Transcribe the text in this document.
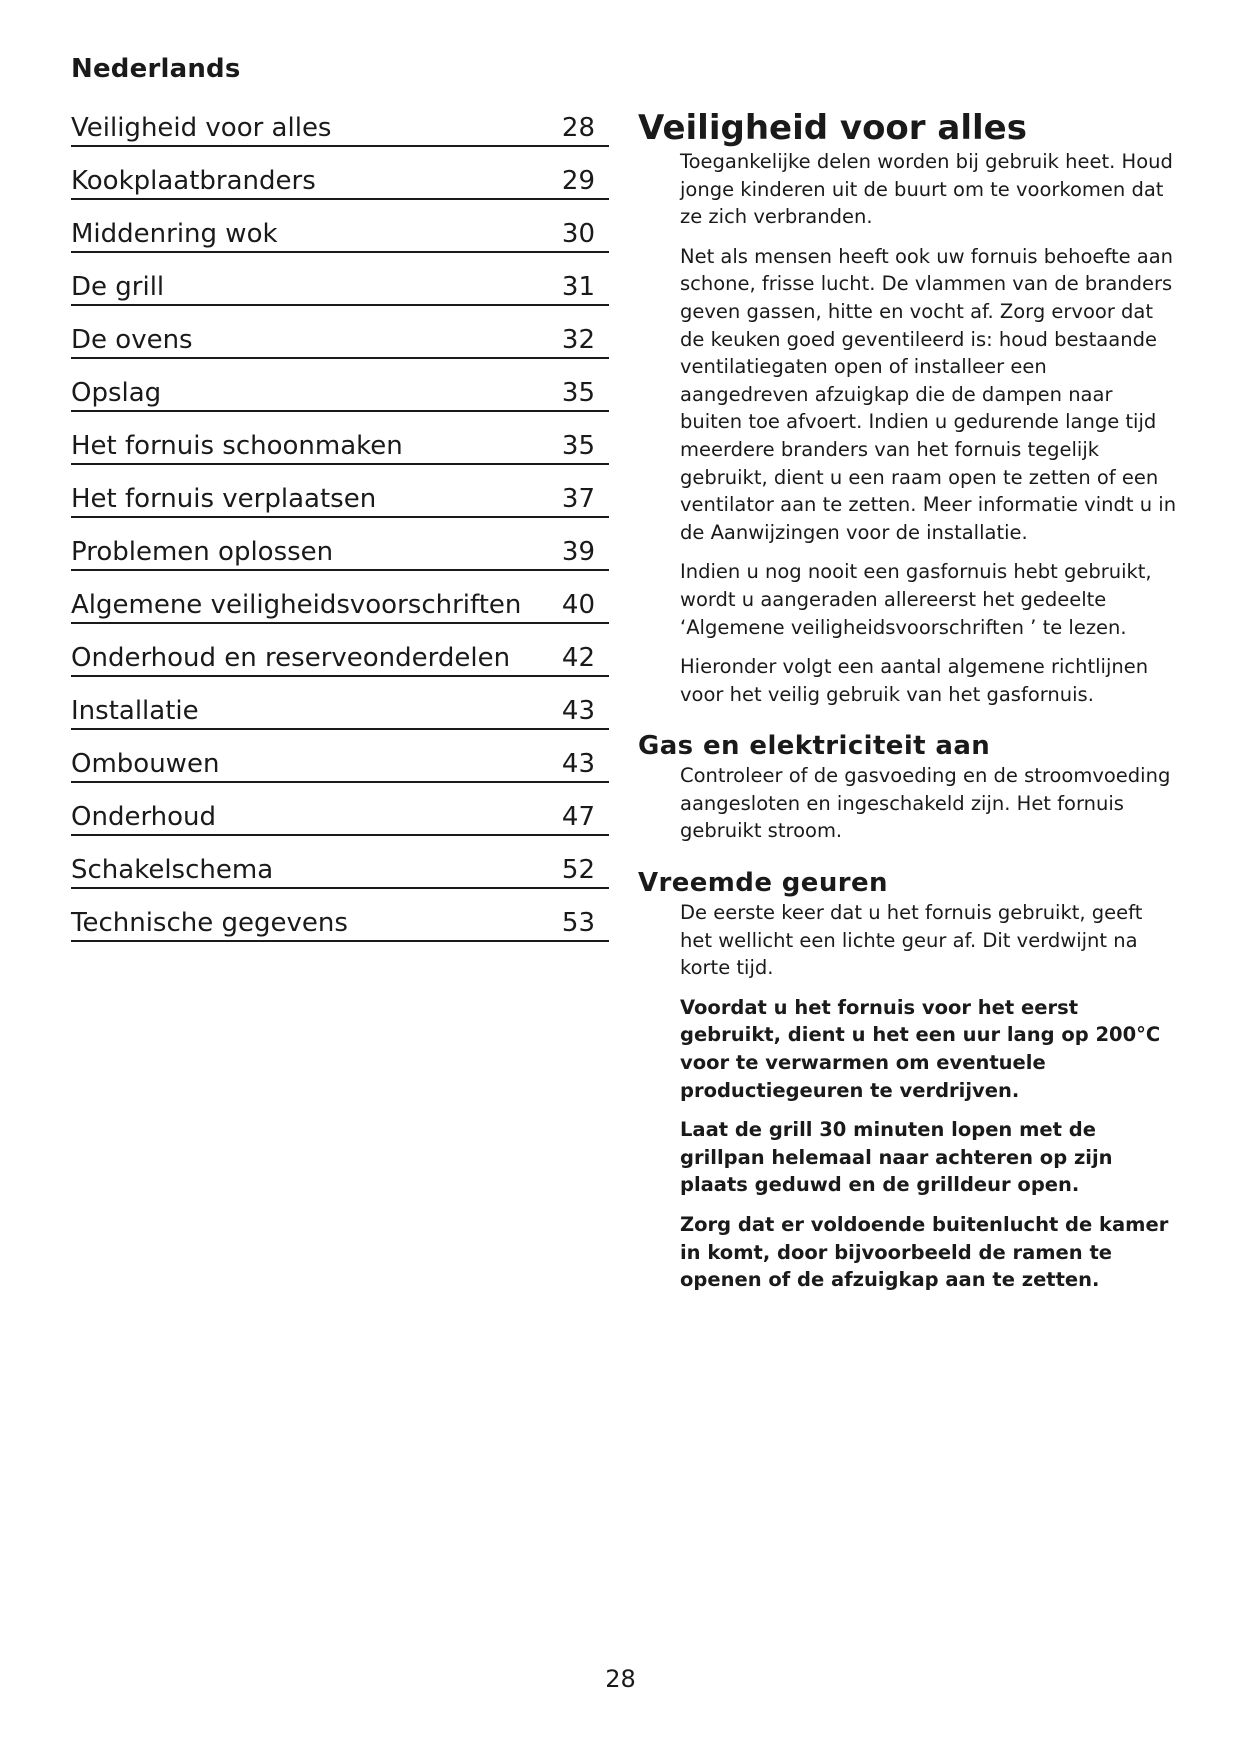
Nederlands
Veiligheid voor alles	28
Kookplaatbranders	29
Middenring wok	30
De grill	31
De ovens	32
Opslag	35
Het fornuis schoonmaken	35
Het fornuis verplaatsen	37
Problemen oplossen	39
Algemene veiligheidsvoorschriften 40
Onderhoud en reserveonderdelen 42
Installatie	43
Ombouwen	43
Onderhoud	47
Schakelschema	52
Technische gegevens	53
Veiligheid voor alles

Toegankelijke delen worden bij gebruik heet. Houd jonge kinderen uit de buurt om te voorkomen dat ze zich verbranden.

Net als mensen heeft ook uw fornuis behoefte aan schone, frisse lucht. De vlammen van de branders geven gassen, hitte en vocht af. Zorg ervoor dat de keuken goed geventileerd is: houd bestaande ventilatiegaten open of installeer een aangedreven afzuigkap die de dampen naar buiten toe afvoert. Indien u gedurende lange tijd meerdere branders van het fornuis tegelijk gebruikt, dient u een raam open te zetten of een ventilator aan te zetten. Meer informatie vindt u in de Aanwijzingen voor de installatie.

Indien u nog nooit een gasfornuis hebt gebruikt, wordt u aangeraden allereerst het gedeelte ‘Algemene veiligheidsvoorschriften ’ te lezen.

Hieronder volgt een aantal algemene richtlijnen voor het veilig gebruik van het gasfornuis.

Gas en elektriciteit aan

Controleer of de gasvoeding en de stroomvoeding aangesloten en ingeschakeld zijn. Het fornuis gebruikt stroom.

Vreemde geuren

De eerste keer dat u het fornuis gebruikt, geeft het wellicht een lichte geur af. Dit verdwijnt na korte tijd.

Voordat u het fornuis voor het eerst gebruikt, dient u het een uur lang op 200°C voor te verwarmen om eventuele productiegeuren te verdrijven.

Laat de grill 30 minuten lopen met de grillpan helemaal naar achteren op zijn plaats geduwd en de grilldeur open.

Zorg dat er voldoende buitenlucht de kamer in komt, door bijvoorbeeld de ramen te openen of de afzuigkap aan te zetten.

28
